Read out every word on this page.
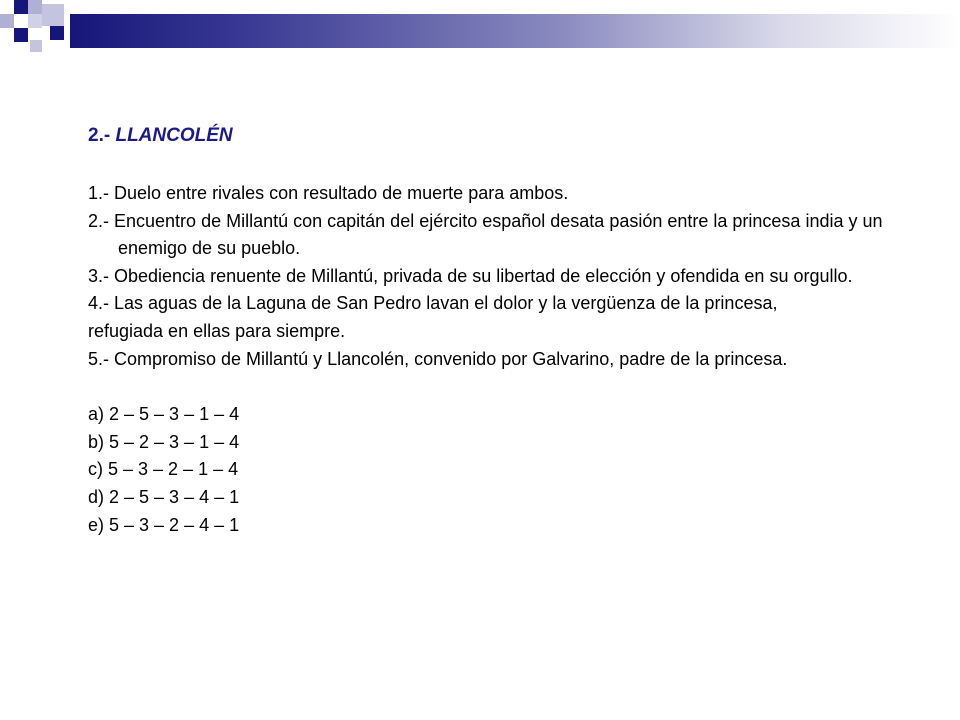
2.- LLANCOLÉN

1.- Duelo entre rivales con resultado de muerte para ambos.

2.- Encuentro de Millantú con capitán del ejército español desata pasión entre la princesa india y un enemigo de su pueblo.

3.- Obediencia renuente de Millantú, privada de su libertad de elección y ofendida en su orgullo.

4.- Las aguas de la Laguna de San Pedro lavan el dolor y la vergüenza de la princesa,

refugiada en ellas para siempre.

5.- Compromiso de Millantú y Llancolén, convenido por Galvarino, padre de la princesa.

a) 2 – 5 – 3 – 1 – 4

b) 5 – 2 – 3 – 1 – 4

c) 5 – 3 – 2 – 1 – 4

d) 2 – 5 – 3 – 4 – 1

e) 5 – 3 – 2 – 4 – 1
